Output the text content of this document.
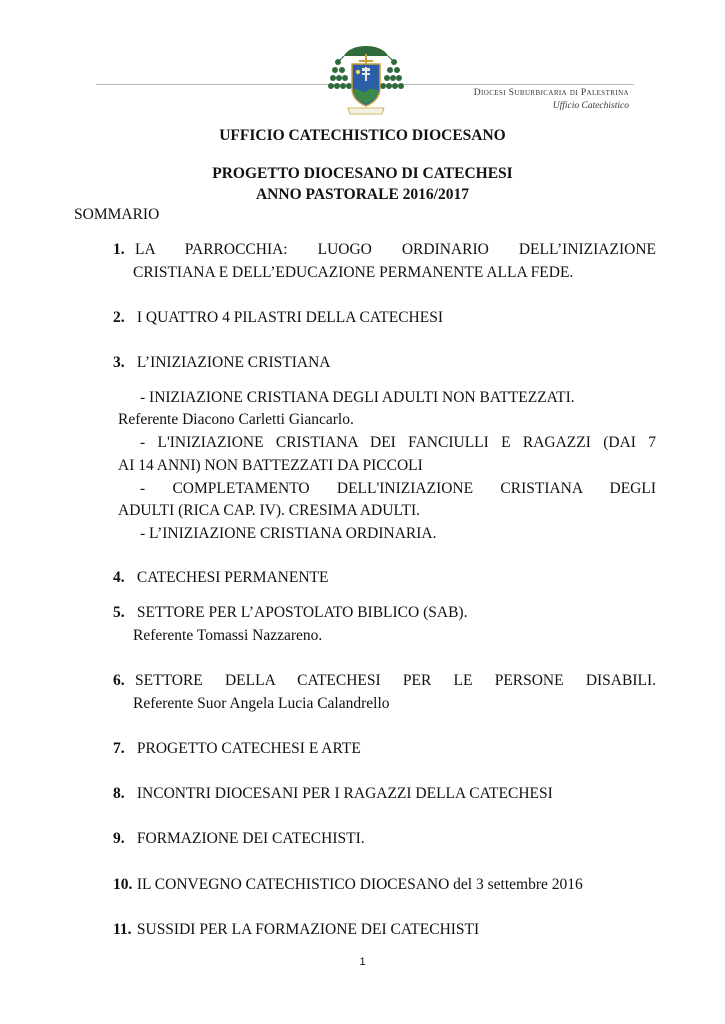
Diocesi Suburbicaria di Palestrina
Ufficio Catechistico
UFFICIO CATECHISTICO DIOCESANO
PROGETTO DIOCESANO DI CATECHESI
ANNO PASTORALE 2016/2017
SOMMARIO
1. LA PARROCCHIA: LUOGO ORDINARIO DELL’INIZIAZIONE
CRISTIANA E DELL’EDUCAZIONE PERMANENTE ALLA FEDE.
2. I QUATTRO 4 PILASTRI DELLA CATECHESI
3. L’INIZIAZIONE CRISTIANA
- INIZIAZIONE CRISTIANA DEGLI ADULTI NON BATTEZZATI.
Referente Diacono Carletti Giancarlo.
- L'INIZIAZIONE CRISTIANA DEI FANCIULLI E RAGAZZI (DAI 7
AI 14 ANNI) NON BATTEZZATI DA PICCOLI
- COMPLETAMENTO DELL'INIZIAZIONE CRISTIANA DEGLI
ADULTI (RICA CAP. IV). CRESIMA ADULTI.
- L’INIZIAZIONE CRISTIANA ORDINARIA.
4. CATECHESI PERMANENTE
5. SETTORE PER L’APOSTOLATO BIBLICO (SAB).
Referente Tomassi Nazzareno.
6. SETTORE DELLA CATECHESI PER LE PERSONE DISABILI.
Referente Suor Angela Lucia Calandrello
7. PROGETTO CATECHESI E ARTE
8. INCONTRI DIOCESANI PER I RAGAZZI DELLA CATECHESI
9. FORMAZIONE DEI CATECHISTI.
10. IL CONVEGNO CATECHISTICO DIOCESANO del 3 settembre 2016
11. SUSSIDI PER LA FORMAZIONE DEI CATECHISTI
1
